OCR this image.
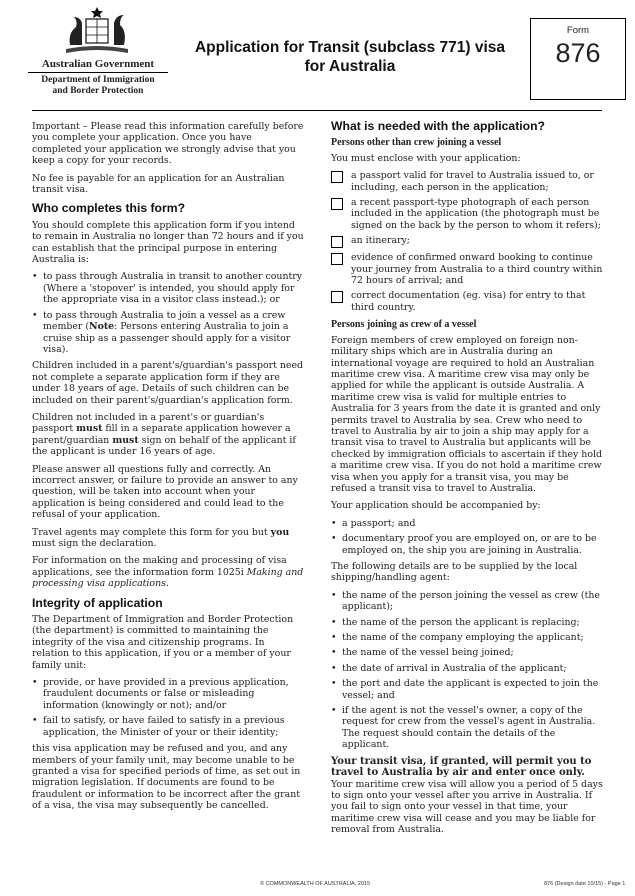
Australian Government
Department of Immigration
and Border Protection
Application for Transit (subclass 771) visa
for Australia
Form
876

Important – Please read this information carefully before you complete your application. Once you have completed your application we strongly advise that you keep a copy for your records.

No fee is payable for an application for an Australian transit visa.

Who completes this form?

You should complete this application form if you intend to remain in Australia no longer than 72 hours and if you can establish that the principal purpose in entering Australia is:

• to pass through Australia in transit to another country (Where a 'stopover' is intended, you should apply for the appropriate visa in a visitor class instead.); or
• to pass through Australia to join a vessel as a crew member (Note: Persons entering Australia to join a cruise ship as a passenger should apply for a visitor visa).

Children included in a parent's/guardian's passport need not complete a separate application form if they are under 18 years of age. Details of such children can be included on their parent's/guardian's application form.

Children not included in a parent's or guardian's passport must fill in a separate application however a parent/guardian must sign on behalf of the applicant if the applicant is under 16 years of age.

Please answer all questions fully and correctly. An incorrect answer, or failure to provide an answer to any question, will be taken into account when your application is being considered and could lead to the refusal of your application.

Travel agents may complete this form for you but you must sign the declaration.

For information on the making and processing of visa applications, see the information form 1025i Making and processing visa applications.

Integrity of application

The Department of Immigration and Border Protection (the department) is committed to maintaining the integrity of the visa and citizenship programs. In relation to this application, if you or a member of your family unit:

• provide, or have provided in a previous application, fraudulent documents or false or misleading information (knowingly or not); and/or
• fail to satisfy, or have failed to satisfy in a previous application, the Minister of your or their identity;

this visa application may be refused and you, and any members of your family unit, may become unable to be granted a visa for specified periods of time, as set out in migration legislation. If documents are found to be fraudulent or information to be incorrect after the grant of a visa, the visa may subsequently be cancelled.

What is needed with the application?
Persons other than crew joining a vessel

You must enclose with your application:

a passport valid for travel to Australia issued to, or including, each person in the application;
a recent passport-type photograph of each person included in the application (the photograph must be signed on the back by the person to whom it refers);
an itinerary;
evidence of confirmed onward booking to continue your journey from Australia to a third country within 72 hours of arrival; and
correct documentation (eg. visa) for entry to that third country.
Persons joining as crew of a vessel

Foreign members of crew employed on foreign non-military ships which are in Australia during an international voyage are required to hold an Australian maritime crew visa. A maritime crew visa may only be applied for while the applicant is outside Australia. A maritime crew visa is valid for multiple entries to Australia for 3 years from the date it is granted and only permits travel to Australia by sea. Crew who need to travel to Australia by air to join a ship may apply for a transit visa to travel to Australia but applicants will be checked by immigration officials to ascertain if they hold a maritime crew visa. If you do not hold a maritime crew visa when you apply for a transit visa, you may be refused a transit visa to travel to Australia.

Your application should be accompanied by:

• a passport; and
• documentary proof you are employed on, or are to be employed on, the ship you are joining in Australia.

The following details are to be supplied by the local shipping/handling agent:

• the name of the person joining the vessel as crew (the applicant);
• the name of the person the applicant is replacing;
• the name of the company employing the applicant;
• the name of the vessel being joined;
• the date of arrival in Australia of the applicant;
• the port and date the applicant is expected to join the vessel; and
• if the agent is not the vessel's owner, a copy of the request for crew from the vessel's agent in Australia. The request should contain the details of the applicant.

Your transit visa, if granted, will permit you to travel to Australia by air and enter once only. Your maritime crew visa will allow you a period of 5 days to sign onto your vessel after you arrive in Australia. If you fail to sign onto your vessel in that time, your maritime crew visa will cease and you may be liable for removal from Australia.

© COMMONWEALTH OF AUSTRALIA, 2015	876 (Design date 10/15) - Page 1
